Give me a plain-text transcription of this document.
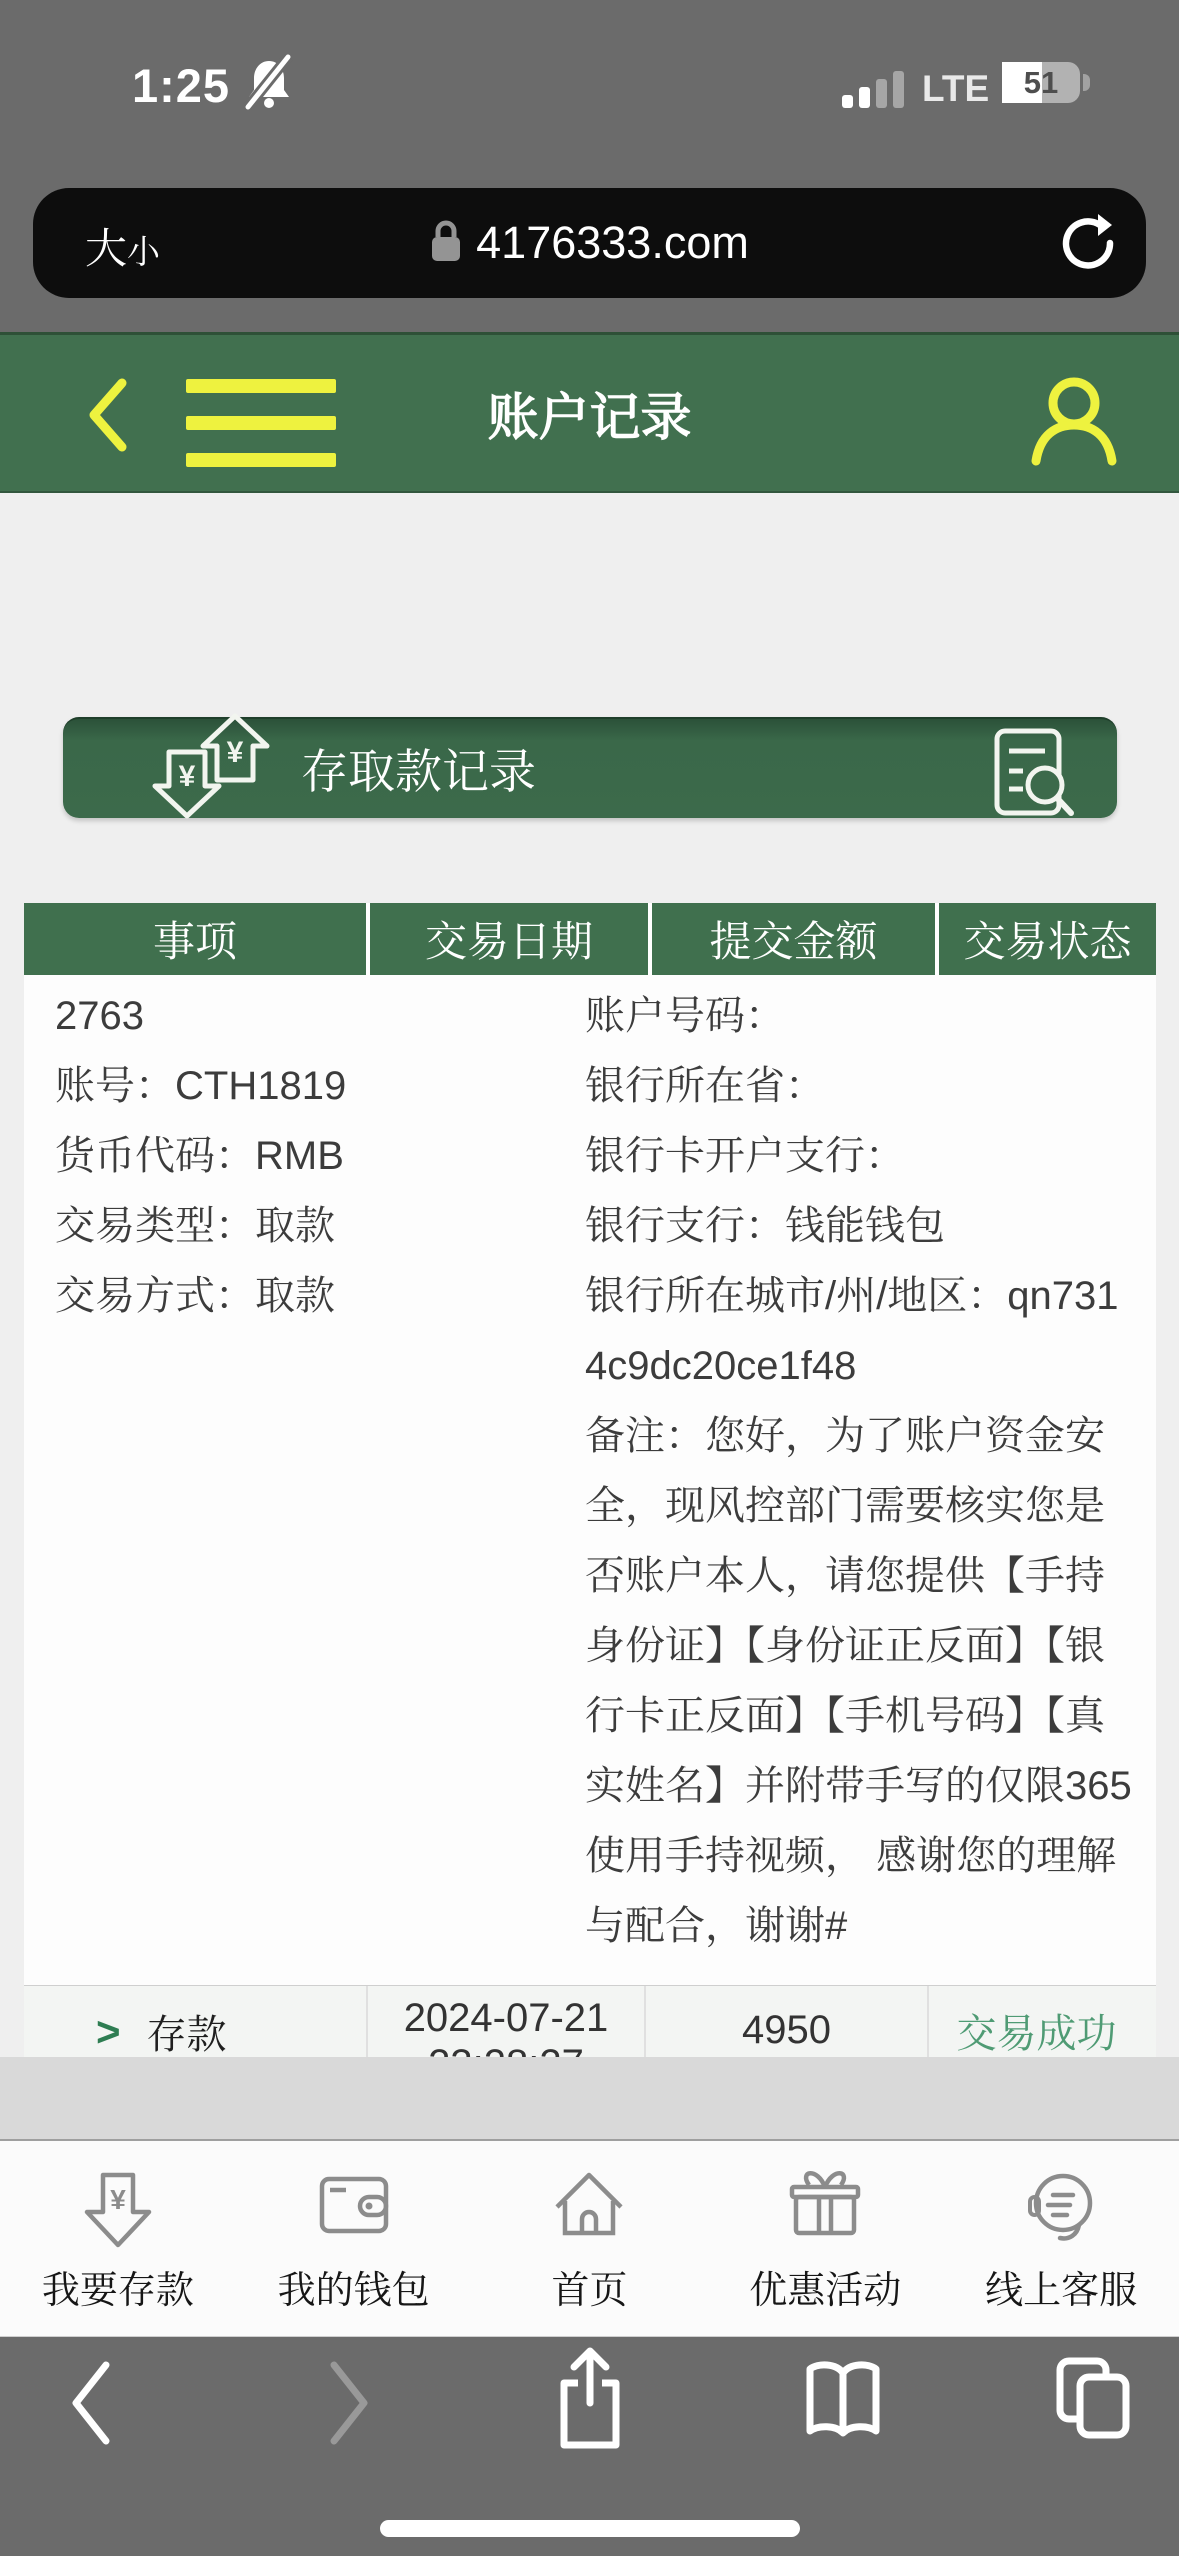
1:25	LTE	51
大小	4176333.com
账户记录
¥
¥ 存取款记录
事项	交易日期	提交金额	交易状态
2763
账号：CTH1819
货币代码：RMB
交易类型：取款
交易方式：取款

账户号码：

银行所在省：

银行卡开户支行：

银行支行：钱能钱包

银行所在城市/州/地区：qn7314c9dc20ce1f48

备注：您好，为了账户资金安全，现风控部门需要核实您是否账户本人，请您提供【手持身份证】【身份证正反面】【银行卡正反面】【手机号码】【真实姓名】并附带手写的仅限365使用手持视频， 感谢您的理解与配合，谢谢#

> 存款	2024-07-21	4950	交易成功
¥
我要存款 我的钱包	首页	优惠活动 线上客服
